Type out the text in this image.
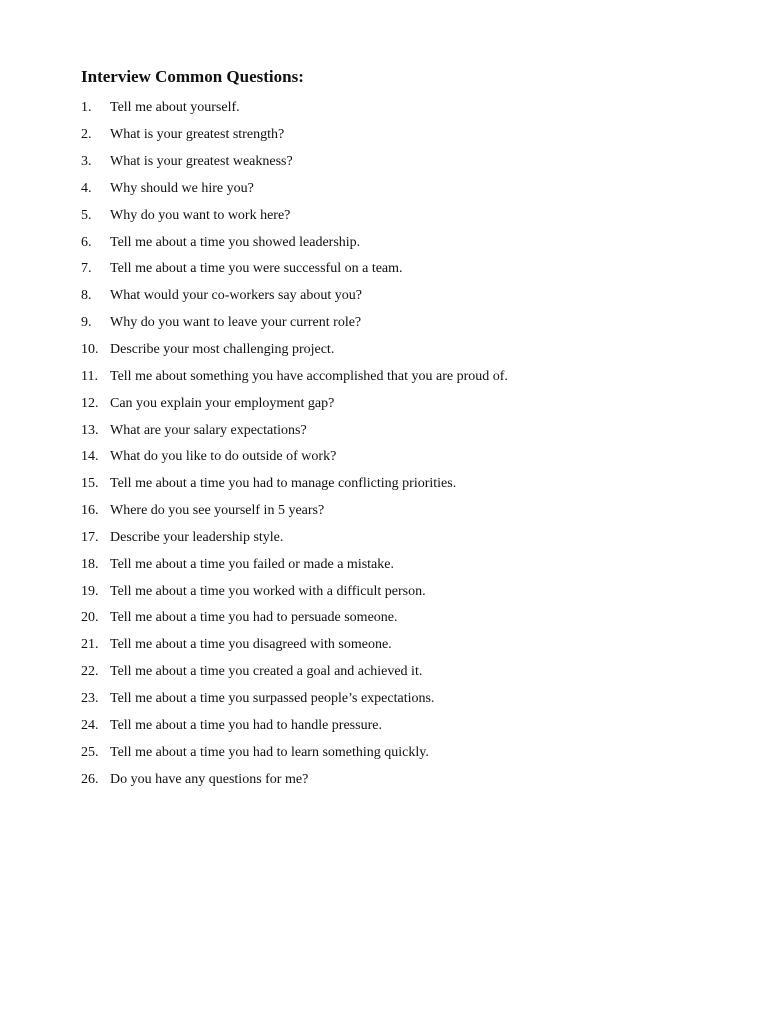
Interview Common Questions:
1.	Tell me about yourself.
2.	What is your greatest strength?
3.	What is your greatest weakness?
4.	Why should we hire you?
5.	Why do you want to work here?
6.	Tell me about a time you showed leadership.
7.	Tell me about a time you were successful on a team.
8.	What would your co-workers say about you?
9.	Why do you want to leave your current role?
10. Describe your most challenging project.
11. Tell me about something you have accomplished that you are proud of.
12. Can you explain your employment gap?
13. What are your salary expectations?
14. What do you like to do outside of work?
15. Tell me about a time you had to manage conflicting priorities.
16. Where do you see yourself in 5 years?
17. Describe your leadership style.
18. Tell me about a time you failed or made a mistake.
19. Tell me about a time you worked with a difficult person.
20. Tell me about a time you had to persuade someone.
21. Tell me about a time you disagreed with someone.
22. Tell me about a time you created a goal and achieved it.
23. Tell me about a time you surpassed people’s expectations.
24. Tell me about a time you had to handle pressure.
25. Tell me about a time you had to learn something quickly.
26. Do you have any questions for me?
